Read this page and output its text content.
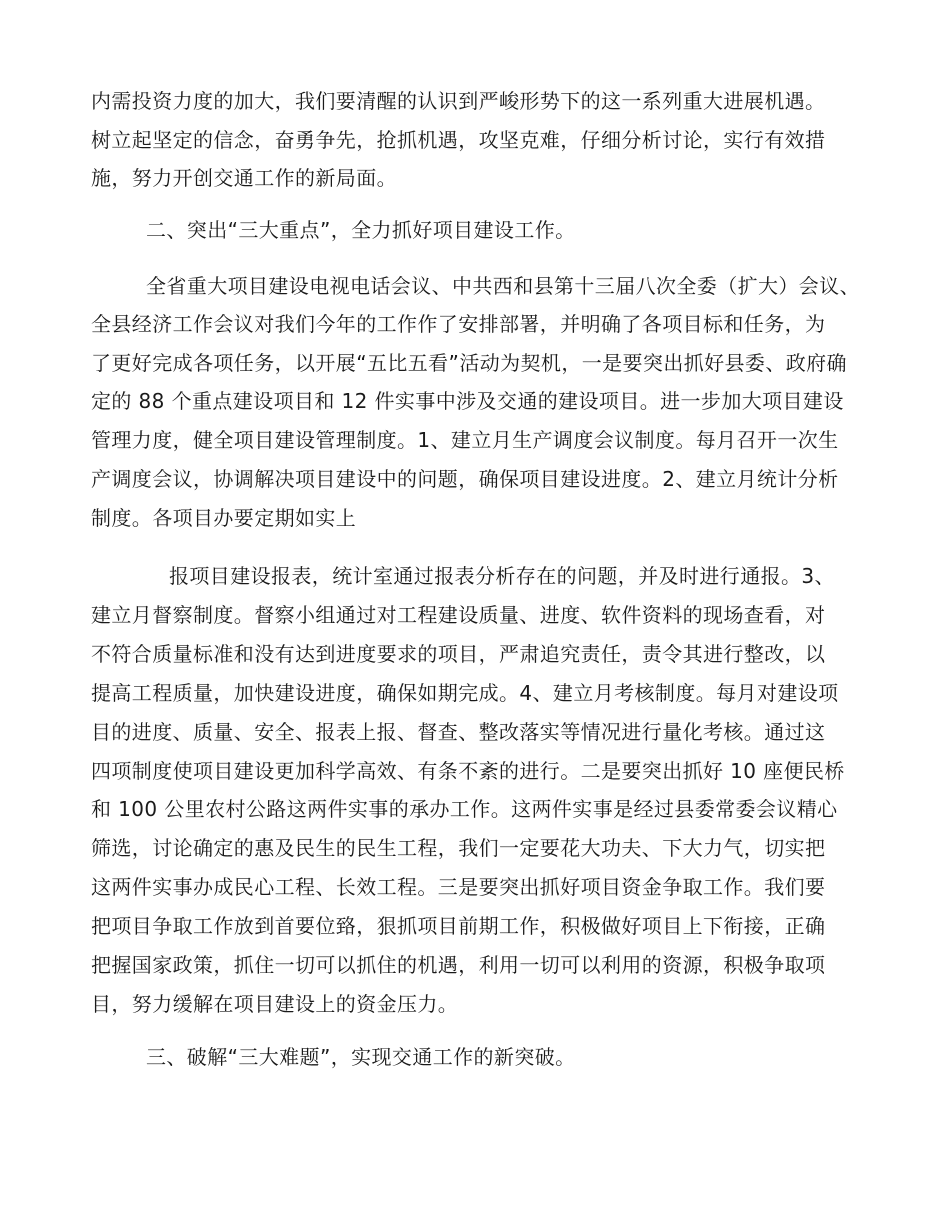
内需投资力度的加大，我们要清醒的认识到严峻形势下的这一系列重大进展机遇。
树立起坚定的信念，奋勇争先，抢抓机遇，攻坚克难，仔细分析讨论，实行有效措
施，努力开创交通工作的新局面。
二、突出“三大重点”，全力抓好项目建设工作。
全省重大项目建设电视电话会议、中共西和县第十三届八次全委（扩大）会议、
全县经济工作会议对我们今年的工作作了安排部署，并明确了各项目标和任务，为
了更好完成各项任务，以开展“五比五看”活动为契机，一是要突出抓好县委、政府确
定的 88 个重点建设项目和 12 件实事中涉及交通的建设项目。进一步加大项目建设
管理力度，健全项目建设管理制度。1、建立月生产调度会议制度。每月召开一次生
产调度会议，协调解决项目建设中的问题，确保项目建设进度。2、建立月统计分析
制度。各项目办要定期如实上
报项目建设报表，统计室通过报表分析存在的问题，并及时进行通报。3、
建立月督察制度。督察小组通过对工程建设质量、进度、软件资料的现场查看，对
不符合质量标准和没有达到进度要求的项目，严肃追究责任，责令其进行整改，以
提高工程质量，加快建设进度，确保如期完成。4、建立月考核制度。每月对建设项
目的进度、质量、安全、报表上报、督查、整改落实等情况进行量化考核。通过这
四项制度使项目建设更加科学高效、有条不紊的进行。二是要突出抓好 10 座便民桥
和 100 公里农村公路这两件实事的承办工作。这两件实事是经过县委常委会议精心
筛选，讨论确定的惠及民生的民生工程，我们一定要花大功夫、下大力气，切实把
这两件实事办成民心工程、长效工程。三是要突出抓好项目资金争取工作。我们要
把项目争取工作放到首要位臵，狠抓项目前期工作，积极做好项目上下衔接，正确
把握国家政策，抓住一切可以抓住的机遇，利用一切可以利用的资源，积极争取项
目，努力缓解在项目建设上的资金压力。
三、破解“三大难题”，实现交通工作的新突破。
